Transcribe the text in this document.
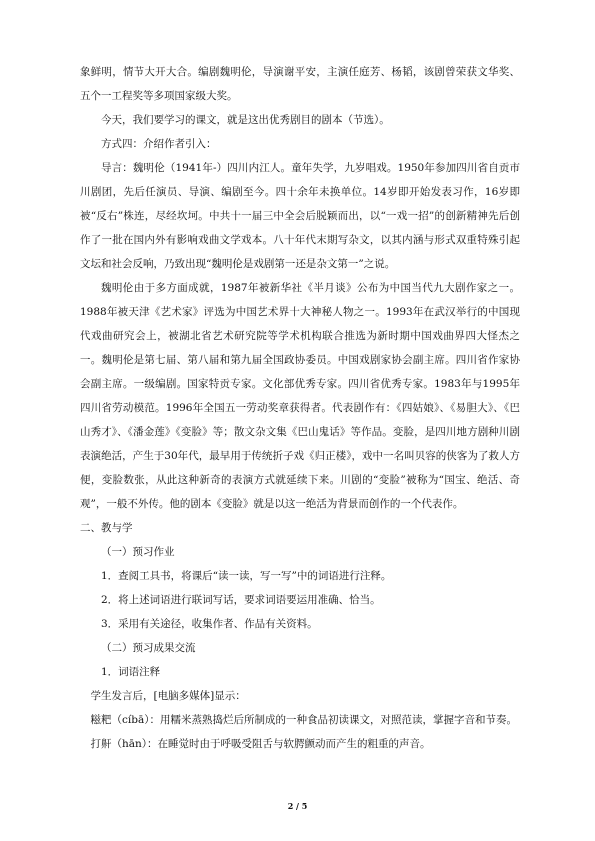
象鲜明，情节大开大合。编剧魏明伦，导演谢平安，主演任庭芳、杨韬，该剧曾荣获文华奖、五个一工程奖等多项国家级大奖。

今天，我们要学习的课文，就是这出优秀剧目的剧本（节选）。

方式四：介绍作者引入：

导言：魏明伦（1941年-）四川内江人。童年失学，九岁唱戏。1950年参加四川省自贡市川剧团，先后任演员、导演、编剧至今。四十余年未换单位。14岁即开始发表习作，16岁即被“反右”株连，尽经坎坷。中共十一届三中全会后脱颖而出，以“一戏一招”的创新精神先后创作了一批在国内外有影响戏曲文学戏本。八十年代末期写杂文，以其内涵与形式双重特殊引起文坛和社会反响，乃致出现“魏明伦是戏剧第一还是杂文第一”之说。

魏明伦由于多方面成就，1987年被新华社《半月谈》公布为中国当代九大剧作家之一。1988年被天津《艺术家》评选为中国艺术界十大神秘人物之一。1993年在武汉举行的中国现代戏曲研究会上，被湖北省艺术研究院等学术机构联合推选为新时期中国戏曲界四大怪杰之一。魏明伦是第七届、第八届和第九届全国政协委员。中国戏剧家协会副主席。四川省作家协会副主席。一级编剧。国家特贡专家。文化部优秀专家。四川省优秀专家。1983年与1995年四川省劳动模范。1996年全国五一劳动奖章获得者。代表剧作有：《四姑娘》、《易胆大》、《巴山秀才》、《潘金莲》《变脸》等；散文杂文集《巴山鬼话》等作品。变脸，是四川地方剧种川剧表演绝活，产生于30年代，最早用于传统折子戏《归正楼》，戏中一名叫贝容的侠客为了救人方便，变脸数张，从此这种新奇的表演方式就延续下来。川剧的“变脸”被称为“国宝、绝活、奇观”，一般不外传。他的剧本《变脸》就是以这一绝活为背景而创作的一个代表作。

二、教与学

（一）预习作业

1．查阅工具书，将课后“读一读，写一写”中的词语进行注释。

2．将上述词语进行联词写话，要求词语要运用准确、恰当。

3．采用有关途径，收集作者、作品有关资料。

（二）预习成果交流

1．词语注释

学生发言后，[电脑多媒体]显示：

糍粑（cíbā）：用糯米蒸熟捣烂后所制成的一种食品初读课文，对照范读，掌握字音和节奏。

打鼾（hān）：在睡觉时由于呼吸受阻舌与软腭颤动而产生的粗重的声音。

2 / 5
